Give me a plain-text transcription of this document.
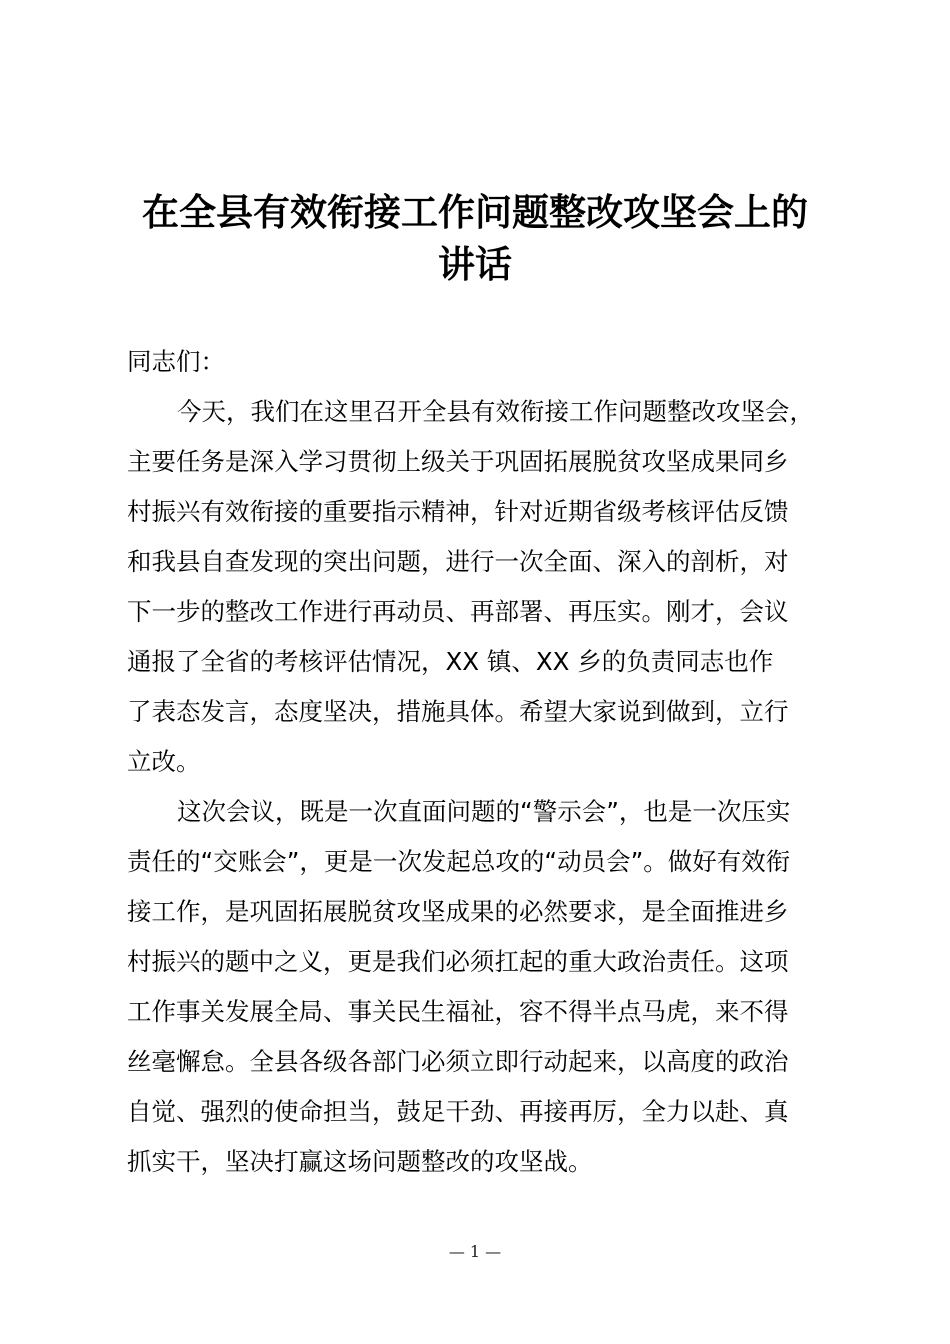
在全县有效衔接工作问题整改攻坚会上的
讲话
同志们：
今天，我们在这里召开全县有效衔接工作问题整改攻坚会，
主要任务是深入学习贯彻上级关于巩固拓展脱贫攻坚成果同乡
村振兴有效衔接的重要指示精神，针对近期省级考核评估反馈
和我县自查发现的突出问题，进行一次全面、深入的剖析，对
下一步的整改工作进行再动员、再部署、再压实。刚才，会议
通报了全省的考核评估情况，XX 镇、XX 乡的负责同志也作
了表态发言，态度坚决，措施具体。希望大家说到做到，立行
立改。
这次会议，既是一次直面问题的“警示会”，也是一次压实
责任的“交账会”，更是一次发起总攻的“动员会”。做好有效衔
接工作，是巩固拓展脱贫攻坚成果的必然要求，是全面推进乡
村振兴的题中之义，更是我们必须扛起的重大政治责任。这项
工作事关发展全局、事关民生福祉，容不得半点马虎，来不得
丝毫懈怠。全县各级各部门必须立即行动起来，以高度的政治
自觉、强烈的使命担当，鼓足干劲、再接再厉，全力以赴、真
抓实干，坚决打赢这场问题整改的攻坚战。
— 1 —
